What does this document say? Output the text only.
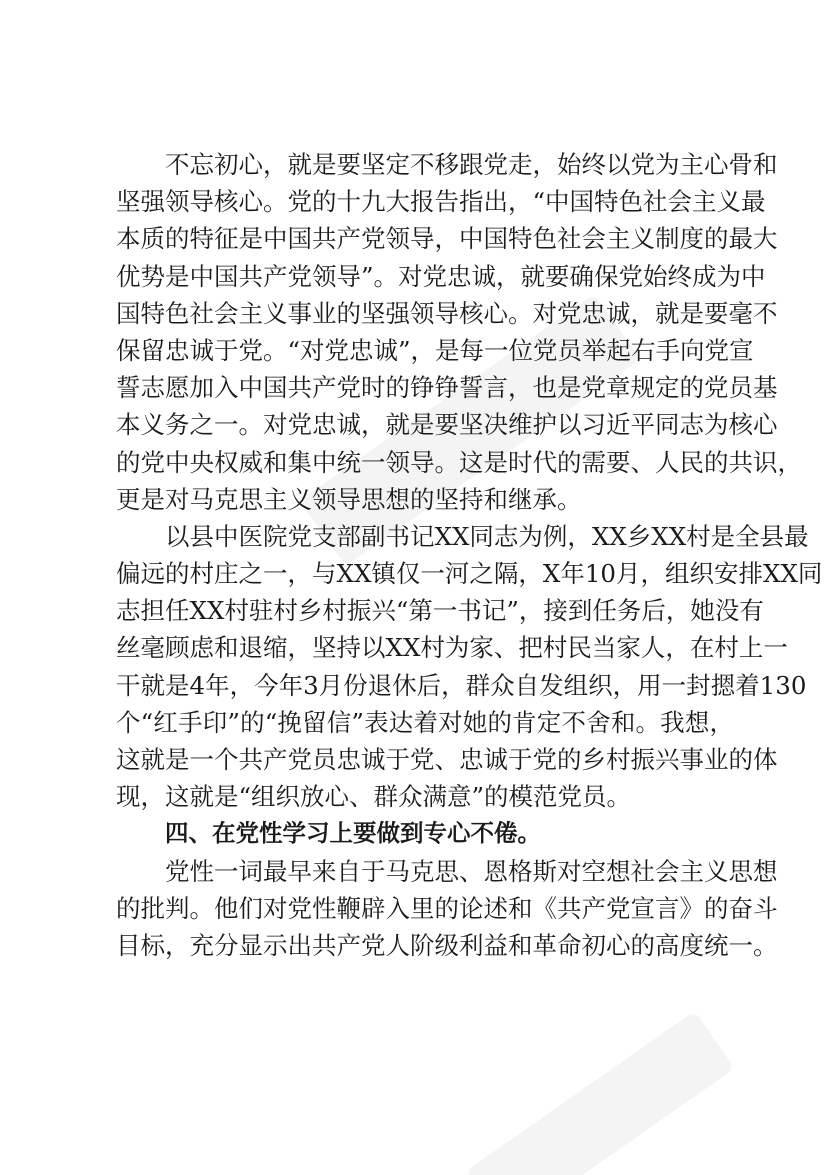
不忘初心，就是要坚定不移跟党走，始终以党为主心骨和
坚强领导核心。党的十九大报告指出，“中国特色社会主义最
本质的特征是中国共产党领导，中国特色社会主义制度的最大
优势是中国共产党领导”。对党忠诚，就要确保党始终成为中
国特色社会主义事业的坚强领导核心。对党忠诚，就是要毫不
保留忠诚于党。“对党忠诚”，是每一位党员举起右手向党宣
誓志愿加入中国共产党时的铮铮誓言，也是党章规定的党员基
本义务之一。对党忠诚，就是要坚决维护以习近平同志为核心
的党中央权威和集中统一领导。这是时代的需要、人民的共识，
更是对马克思主义领导思想的坚持和继承。
以县中医院党支部副书记XX同志为例，XX乡XX村是全县最
偏远的村庄之一，与XX镇仅一河之隔，X年10月，组织安排XX同
志担任XX村驻村乡村振兴“第一书记”，接到任务后，她没有
丝毫顾虑和退缩，坚持以XX村为家、把村民当家人，在村上一
干就是4年，今年3月份退休后，群众自发组织，用一封摁着130
个“红手印”的“挽留信”表达着对她的肯定不舍和。我想，
这就是一个共产党员忠诚于党、忠诚于党的乡村振兴事业的体
现，这就是“组织放心、群众满意”的模范党员。
四、在党性学习上要做到专心不倦。
党性一词最早来自于马克思、恩格斯对空想社会主义思想
的批判。他们对党性鞭辟入里的论述和《共产党宣言》的奋斗
目标，充分显示出共产党人阶级利益和革命初心的高度统一。
